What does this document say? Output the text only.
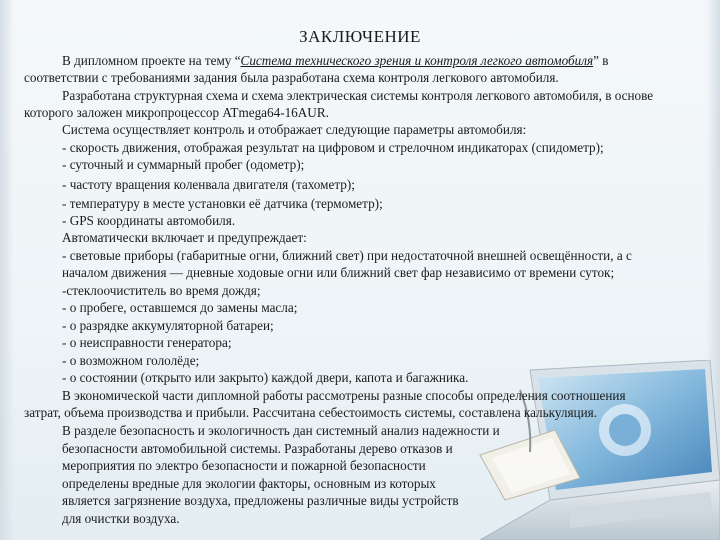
ЗАКЛЮЧЕНИЕ
В дипломном проекте на тему “Система технического зрения и контроля легкого автомобиля” в
соответствии с требованиями задания была разработана схема контроля легкового автомобиля.
Разработана структурная схема и схема электрическая системы контроля легкового автомобиля, в основе
которого заложен микропроцессор ATmega64-16AUR.
Система осуществляет контроль и отображает следующие параметры автомобиля:
- скорость движения, отображая результат на цифровом и стрелочном индикаторах (спидометр);
- суточный и суммарный пробег (одометр);
- частоту вращения коленвала двигателя (тахометр);
- температуру в месте установки её датчика (термометр);
- GPS координаты автомобиля.
Автоматически включает и предупреждает:
- световые приборы (габаритные огни, ближний свет) при недостаточной внешней освещённости, а с
началом движения — дневные ходовые огни или ближний свет фар независимо от времени суток;
-стеклоочиститель во время дождя;
- о пробеге, оставшемся до замены масла;
- о разрядке аккумуляторной батареи;
- о неисправности генератора;
- о возможном гололёде;
- о состоянии (открыто или закрыто) каждой двери, капота и багажника.
В экономической части дипломной работы рассмотрены разные способы определения соотношения
затрат, объема производства и прибыли. Рассчитана себестоимость системы, составлена калькуляция.
В разделе безопасность и экологичность дан системный анализ надежности и
безопасности автомобильной системы. Разработаны дерево отказов и
мероприятия по электро безопасности и пожарной безопасности
определены вредные для экологии факторы, основным из которых
является загрязнение воздуха, предложены различные виды устройств
для очистки воздуха.
